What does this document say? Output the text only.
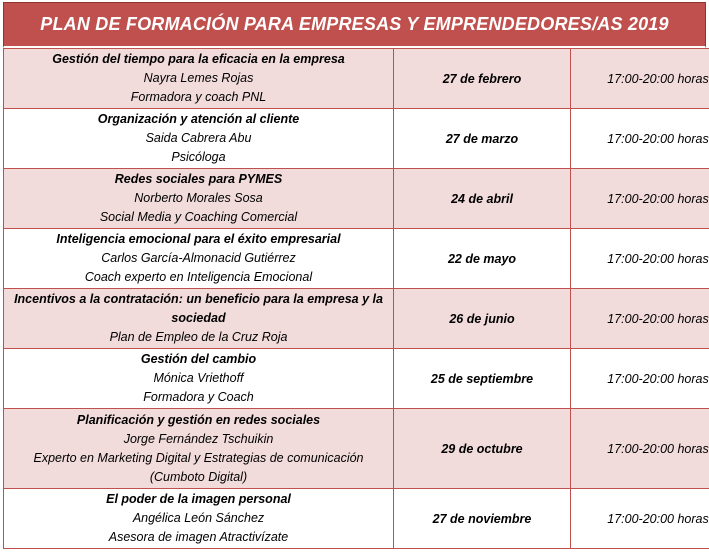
PLAN DE FORMACIÓN PARA EMPRESAS Y EMPRENDEDORES/AS 2019
Gestión del tiempo para la eficacia en la empresa
Nayra Lemes Rojas
Formadora y coach PNL	27 de febrero	17:00-20:00 horas

Organización y atención al cliente
Saida Cabrera Abu
Psicóloga	27 de marzo	17:00-20:00 horas

Redes sociales para PYMES
Norberto Morales Sosa
Social Media y Coaching Comercial	24 de abril	17:00-20:00 horas

Inteligencia emocional para el éxito empresarial
Carlos García-Almonacid Gutiérrez
Coach experto en Inteligencia Emocional	22 de mayo	17:00-20:00 horas

Incentivos a la contratación: un beneficio para la empresa y la sociedad
Plan de Empleo de la Cruz Roja	26 de junio	17:00-20:00 horas

Gestión del cambio
Mónica Vriethoff
Formadora y Coach	25 de septiembre	17:00-20:00 horas

Planificación y gestión en redes sociales
Jorge Fernández Tschuikin
Experto en Marketing Digital y Estrategias de comunicación (Cumboto Digital)	29 de octubre	17:00-20:00 horas

El poder de la imagen personal
Angélica León Sánchez
Asesora de imagen Atractivízate	27 de noviembre	17:00-20:00 horas
